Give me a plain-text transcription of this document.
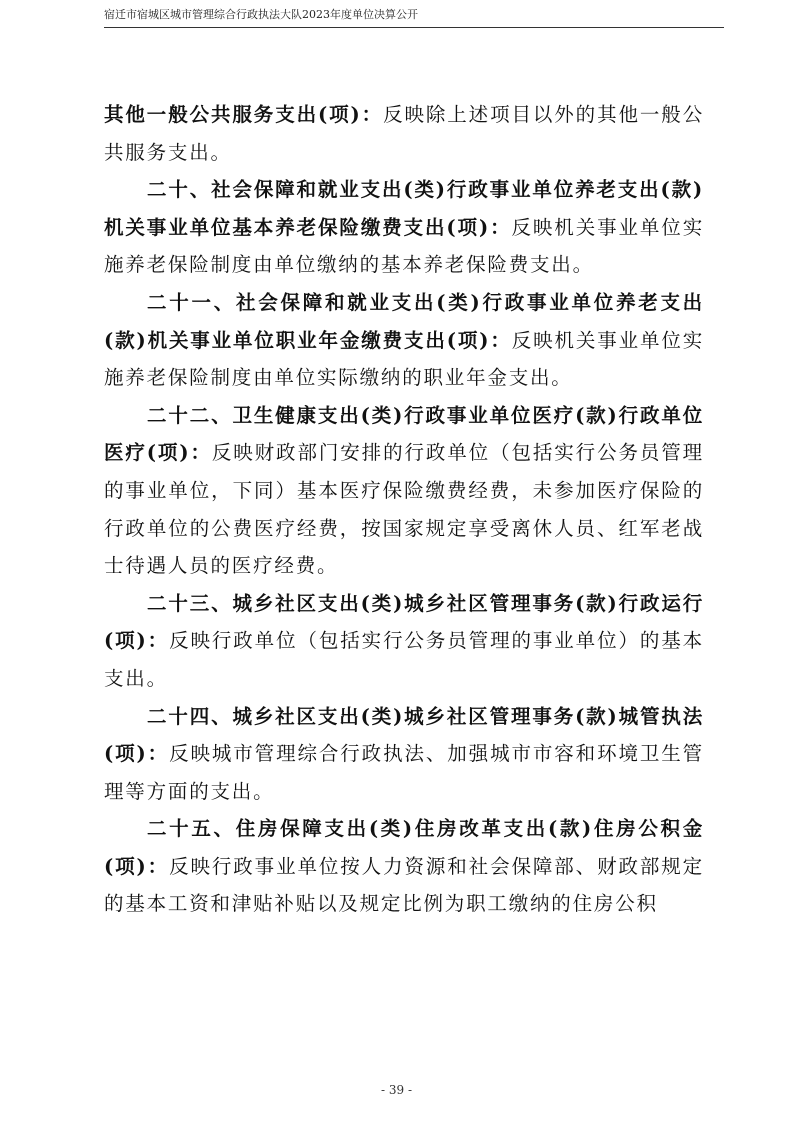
宿迁市宿城区城市管理综合行政执法大队2023年度单位决算公开

其他一般公共服务支出(项)：反映除上述项目以外的其他一般公共服务支出。

二十、社会保障和就业支出(类)行政事业单位养老支出(款)机关事业单位基本养老保险缴费支出(项)：反映机关事业单位实施养老保险制度由单位缴纳的基本养老保险费支出。

二十一、社会保障和就业支出(类)行政事业单位养老支出(款)机关事业单位职业年金缴费支出(项)：反映机关事业单位实施养老保险制度由单位实际缴纳的职业年金支出。

二十二、卫生健康支出(类)行政事业单位医疗(款)行政单位医疗(项)：反映财政部门安排的行政单位（包括实行公务员管理的事业单位，下同）基本医疗保险缴费经费，未参加医疗保险的行政单位的公费医疗经费，按国家规定享受离休人员、红军老战士待遇人员的医疗经费。

二十三、城乡社区支出(类)城乡社区管理事务(款)行政运行(项)：反映行政单位（包括实行公务员管理的事业单位）的基本支出。

二十四、城乡社区支出(类)城乡社区管理事务(款)城管执法(项)：反映城市管理综合行政执法、加强城市市容和环境卫生管理等方面的支出。

二十五、住房保障支出(类)住房改革支出(款)住房公积金(项)：反映行政事业单位按人力资源和社会保障部、财政部规定的基本工资和津贴补贴以及规定比例为职工缴纳的住房公积

- 39 -
